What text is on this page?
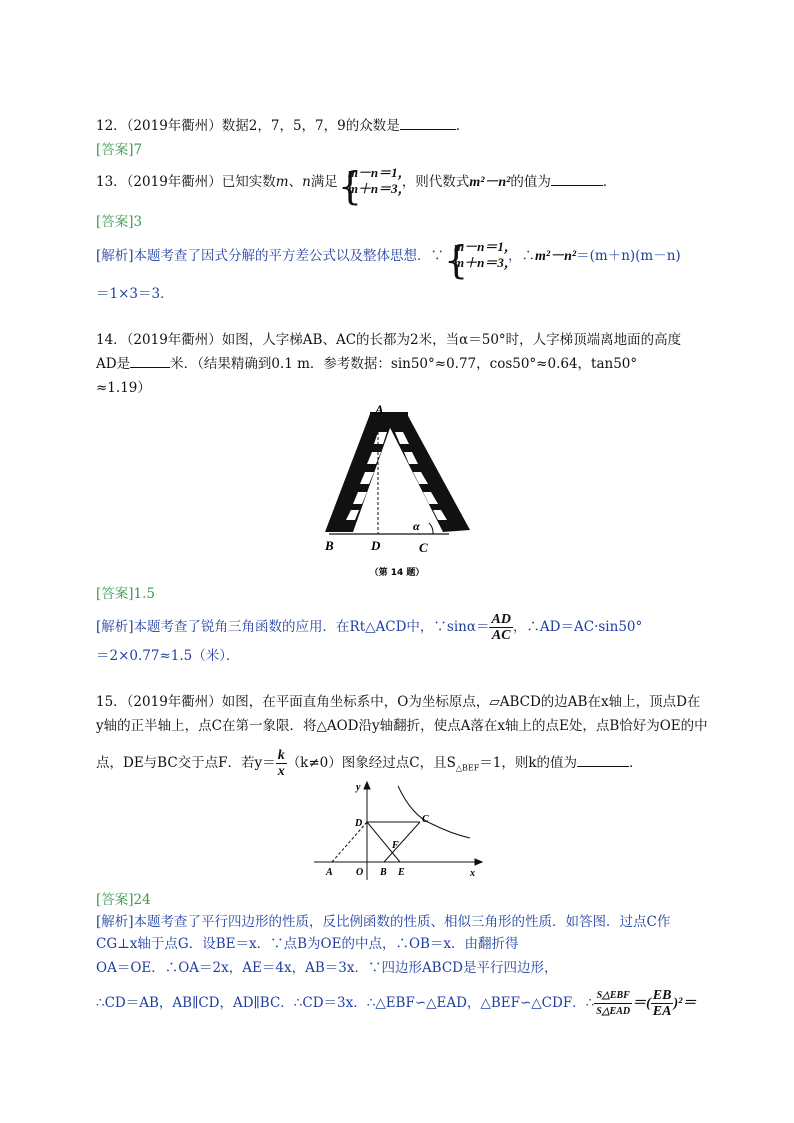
12．（2019年衢州）数据2，7，5，7，9的众数是	．
[答案]7
13．（2019年衢州）已知实数m、n满足 {
m－n＝1，
m＋n＝3，
，则代数式m²－n²的值为	．
[答案]3
[解析]本题考查了因式分解的平方差公式以及整体思想．∵ {
m－n＝1，
m＋n＝3，
，∴m²－n²＝(m＋n)(m－n)
＝1×3＝3．
14．（2019年衢州）如图，人字梯AB、AC的长都为2米，当α＝50°时，人字梯顶端离地面的高度
AD是	米．（结果精确到0.1 m．参考数据：sin50°≈0.77，cos50°≈0.64，tan50°
≈1.19）
A
B	D	C
α
（第 14 题）
[答案]1.5
[解析]本题考查了锐角三角函数的应用．在Rt△ACD中，∵sinα＝ $\frac{AD}{AC}$ ，∴AD＝AC·sin50°
＝2×0.77≈1.5（米）．
15．（2019年衢州）如图，在平面直角坐标系中，O为坐标原点，▱ABCD的边AB在x轴上，顶点D在
y轴的正半轴上，点C在第一象限．将△AOD沿y轴翻折，使点A落在x轴上的点E处，点B恰好为OE的中
点，DE与BC交于点F．若$y= \frac{k}{x} (k\ne 0)$图象经过点C，且$S_{\triangle BEF}=1$，则k的值为	．
y
x
D	C
F
A O B E
[答案]24
[解析]本题考查了平行四边形的性质，反比例函数的性质、相似三角形的性质．如答图．过点C作
CG⊥x轴于点G．设BE＝x．∵点B为OE的中点，∴OB＝x．由翻折得
OA＝OE．∴OA＝2x，AE＝4x，AB＝3x．∵四边形ABCD是平行四边形，
∴CD＝AB，AB∥CD，AD∥BC．∴CD＝3x．∴△EBF∽△EAD，△BEF∽△CDF．∴ $\frac{\text{S△EBF}}{\text{S△EAD}}$ ＝( $\frac{EB}{EA} )^2=$
